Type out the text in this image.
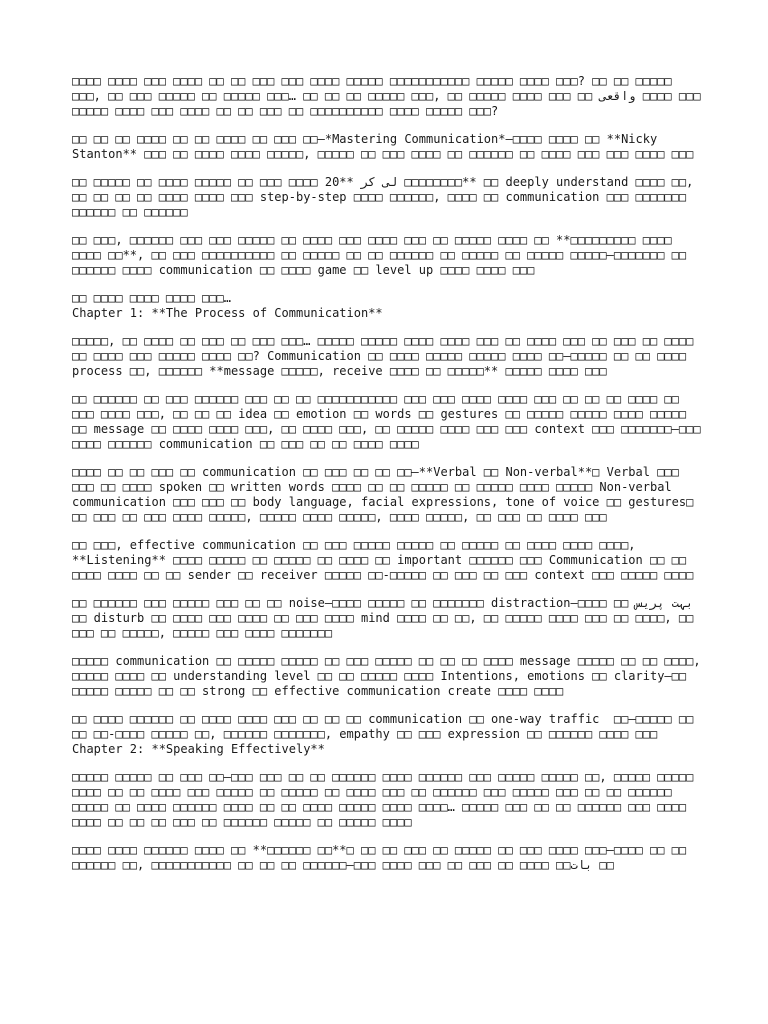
□□□□ □□□□ □□□ □□□□ □□ □□ □□□ □□□ □□□□ □□□□□ □□□□□□□□□□□ □□□□□ □□□□ □□□? □□ □□ □□□□□ □□□, □□ □□□ □□□□□ □□ □□□□□ □□□… □□ □□ □□ □□□□□ □□□, □□ □□□□□ □□□□ □□□ □□ واقعی □□□□ □□□ □□□□□ □□□□ □□□ □□□□ □□ □□ □□□ □□ □□□□□□□□□□ □□□□ □□□□□ □□□?

□□ □□ □□ □□□□ □□ □□ □□□□ □□ □□□ □□—*Mastering Communication*—□□□□ □□□□ □□ **Nicky Stanton** □□□ □□ □□□□ □□□□ □□□□□, □□□□□ □□ □□□ □□□□ □□ □□□□□□ □□ □□□□ □□□ □□□ □□□□ □□□

□□ □□□□□ □□ □□□□ □□□□□ □□ □□□ □□□□ 20** لی کر □□□□□□□□** □□ deeply understand □□□□ □□, □□ □□ □□ □□ □□□□ □□□□ □□□ step-by-step □□□□ □□□□□□, □□□□ □□ communication □□□ □□□□□□□ □□□□□□ □□ □□□□□□

□□ □□□, □□□□□□ □□□ □□□ □□□□□ □□ □□□□ □□□ □□□□ □□□ □□ □□□□□ □□□□ □□ **□□□□□□□□□ □□□□ □□□□ □□**, □□ □□□ □□□□□□□□□□ □□ □□□□□ □□ □□ □□□□□□ □□ □□□□□ □□ □□□□□ □□□□□—□□□□□□□ □□ □□□□□□ □□□□ communication □□ □□□□ game □□ level up □□□□ □□□□ □□□

□□ □□□□ □□□□ □□□□ □□□…

Chapter 1: **The Process of Communication**

□□□□□, □□ □□□□ □□ □□□ □□ □□□ □□□… □□□□□ □□□□□ □□□□ □□□□ □□□ □□ □□□□ □□□ □□ □□□ □□ □□□□ □□ □□□□ □□□ □□□□□ □□□□ □□? Communication □□ □□□□ □□□□□ □□□□□ □□□□ □□—□□□□□ □□ □□ □□□□ process □□, □□□□□□ **message □□□□□, receive □□□□ □□ □□□□□** □□□□□ □□□□ □□□

□□ □□□□□□ □□ □□□ □□□□□□ □□□ □□ □□ □□□□□□□□□□□ □□□ □□□ □□□□ □□□□ □□□ □□ □□ □□ □□□□ □□ □□□ □□□□ □□□, □□ □□ □□ idea □□ emotion □□ words □□ gestures □□ □□□□□ □□□□□ □□□□ □□□□□ □□ message □□ □□□□ □□□□ □□□, □□ □□□□ □□□, □□ □□□□□ □□□□ □□□ □□□ context □□□ □□□□□□□—□□□ □□□□ □□□□□□ communication □□ □□□ □□ □□ □□□□ □□□□

□□□□ □□ □□ □□□ □□ communication □□ □□□ □□ □□ □□—**Verbal □□ Non-verbal**□ Verbal □□□ □□□ □□ □□□□ spoken □□ written words □□□□ □□ □□ □□□□□ □□ □□□□□ □□□□ □□□□□ Non-verbal communication □□□ □□□ □□ body language, facial expressions, tone of voice □□ gestures□ □□ □□□ □□ □□□ □□□□ □□□□□, □□□□□ □□□□ □□□□□, □□□□ □□□□□, □□ □□□ □□ □□□□ □□□

□□ □□□, effective communication □□ □□□ □□□□□ □□□□□ □□ □□□□□ □□ □□□□ □□□□ □□□□, **Listening** □□□□ □□□□□ □□ □□□□□ □□ □□□□ □□ important □□□□□□ □□□ Communication □□ □□ □□□□ □□□□ □□ □□ sender □□ receiver □□□□□ □□-□□□□□ □□ □□□ □□ □□□ context □□□ □□□□□ □□□□

□□ □□□□□□ □□□ □□□□□ □□□ □□ □□ noise—□□□□ □□□□□ □□ □□□□□□□ distraction—□□□□ □□ بہت پریس □□ disturb □□ □□□□ □□□ □□□□ □□ □□□ □□□□ mind □□□□ □□ □□, □□ □□□□□ □□□□ □□□ □□ □□□□, □□ □□□ □□ □□□□□, □□□□□ □□□ □□□□ □□□□□□□

□□□□□ communication □□ □□□□□ □□□□□ □□ □□□ □□□□□ □□ □□ □□ □□□□ message □□□□□ □□ □□ □□□□,  □□□□□ □□□□ □□ understanding level □□ □□ □□□□□ □□□□ Intentions, emotions □□ clarity—□□ □□□□□ □□□□□ □□ □□ strong □□ effective communication create □□□□ □□□□

□□ □□□□ □□□□□□ □□ □□□□ □□□□ □□□ □□ □□ □□ communication □□ one-way traffic  □□—□□□□□ □□ □□ □□-□□□□ □□□□□ □□, □□□□□□ □□□□□□□, empathy □□ □□□ expression □□ □□□□□□ □□□□ □□□

Chapter 2: **Speaking Effectively**

□□□□□ □□□□□ □□ □□□ □□—□□□ □□□ □□ □□ □□□□□□ □□□□ □□□□□□ □□□ □□□□□ □□□□□ □□, □□□□□ □□□□□ □□□□ □□ □□ □□□□ □□□ □□□□□ □□ □□□□□ □□ □□□□ □□□ □□ □□□□□□ □□□ □□□□□ □□□ □□ □□ □□□□□□ □□□□□ □□ □□□□ □□□□□□ □□□□ □□ □□ □□□□ □□□□□ □□□□ □□□□… □□□□□ □□□ □□ □□ □□□□□□ □□□ □□□□ □□□□ □□ □□ □□ □□□ □□ □□□□□□ □□□□□ □□ □□□□□ □□□□

□□□□ □□□□ □□□□□□ □□□□ □□ **□□□□□□ □□**□ □□ □□ □□□ □□ □□□□□ □□ □□□ □□□□ □□□—□□□□ □□ □□ □□□□□□ □□, □□□□□□□□□□□ □□ □□ □□ □□□□□□—□□□ □□□□ □□□ □□ □□□ □□ □□□□ □□بات □□
